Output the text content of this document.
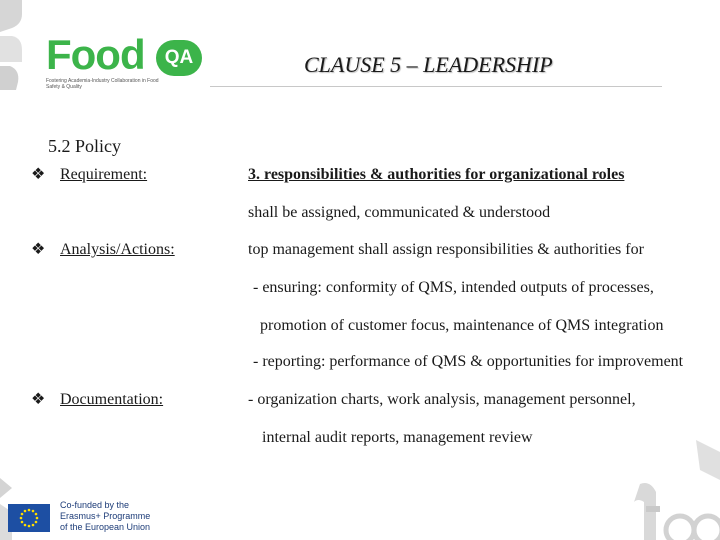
Food	QA
Fostering Academia-Industry Collaboration in Food Safety & Quality
CLAUSE 5 – LEADERSHIP
5.2 Policy
❖ Requirement:	3. responsibilities & authorities for organizational roles
shall be assigned, communicated & understood
❖ Analysis/Actions:	top management shall assign responsibilities & authorities for
- ensuring: conformity of QMS, intended outputs of processes,
promotion of customer focus, maintenance of QMS integration
- reporting: performance of QMS & opportunities for improvement
❖ Documentation:	- organization charts, work analysis, management personnel,
internal audit reports, management review
Co-funded by the
Erasmus+ Programme
of the European Union
